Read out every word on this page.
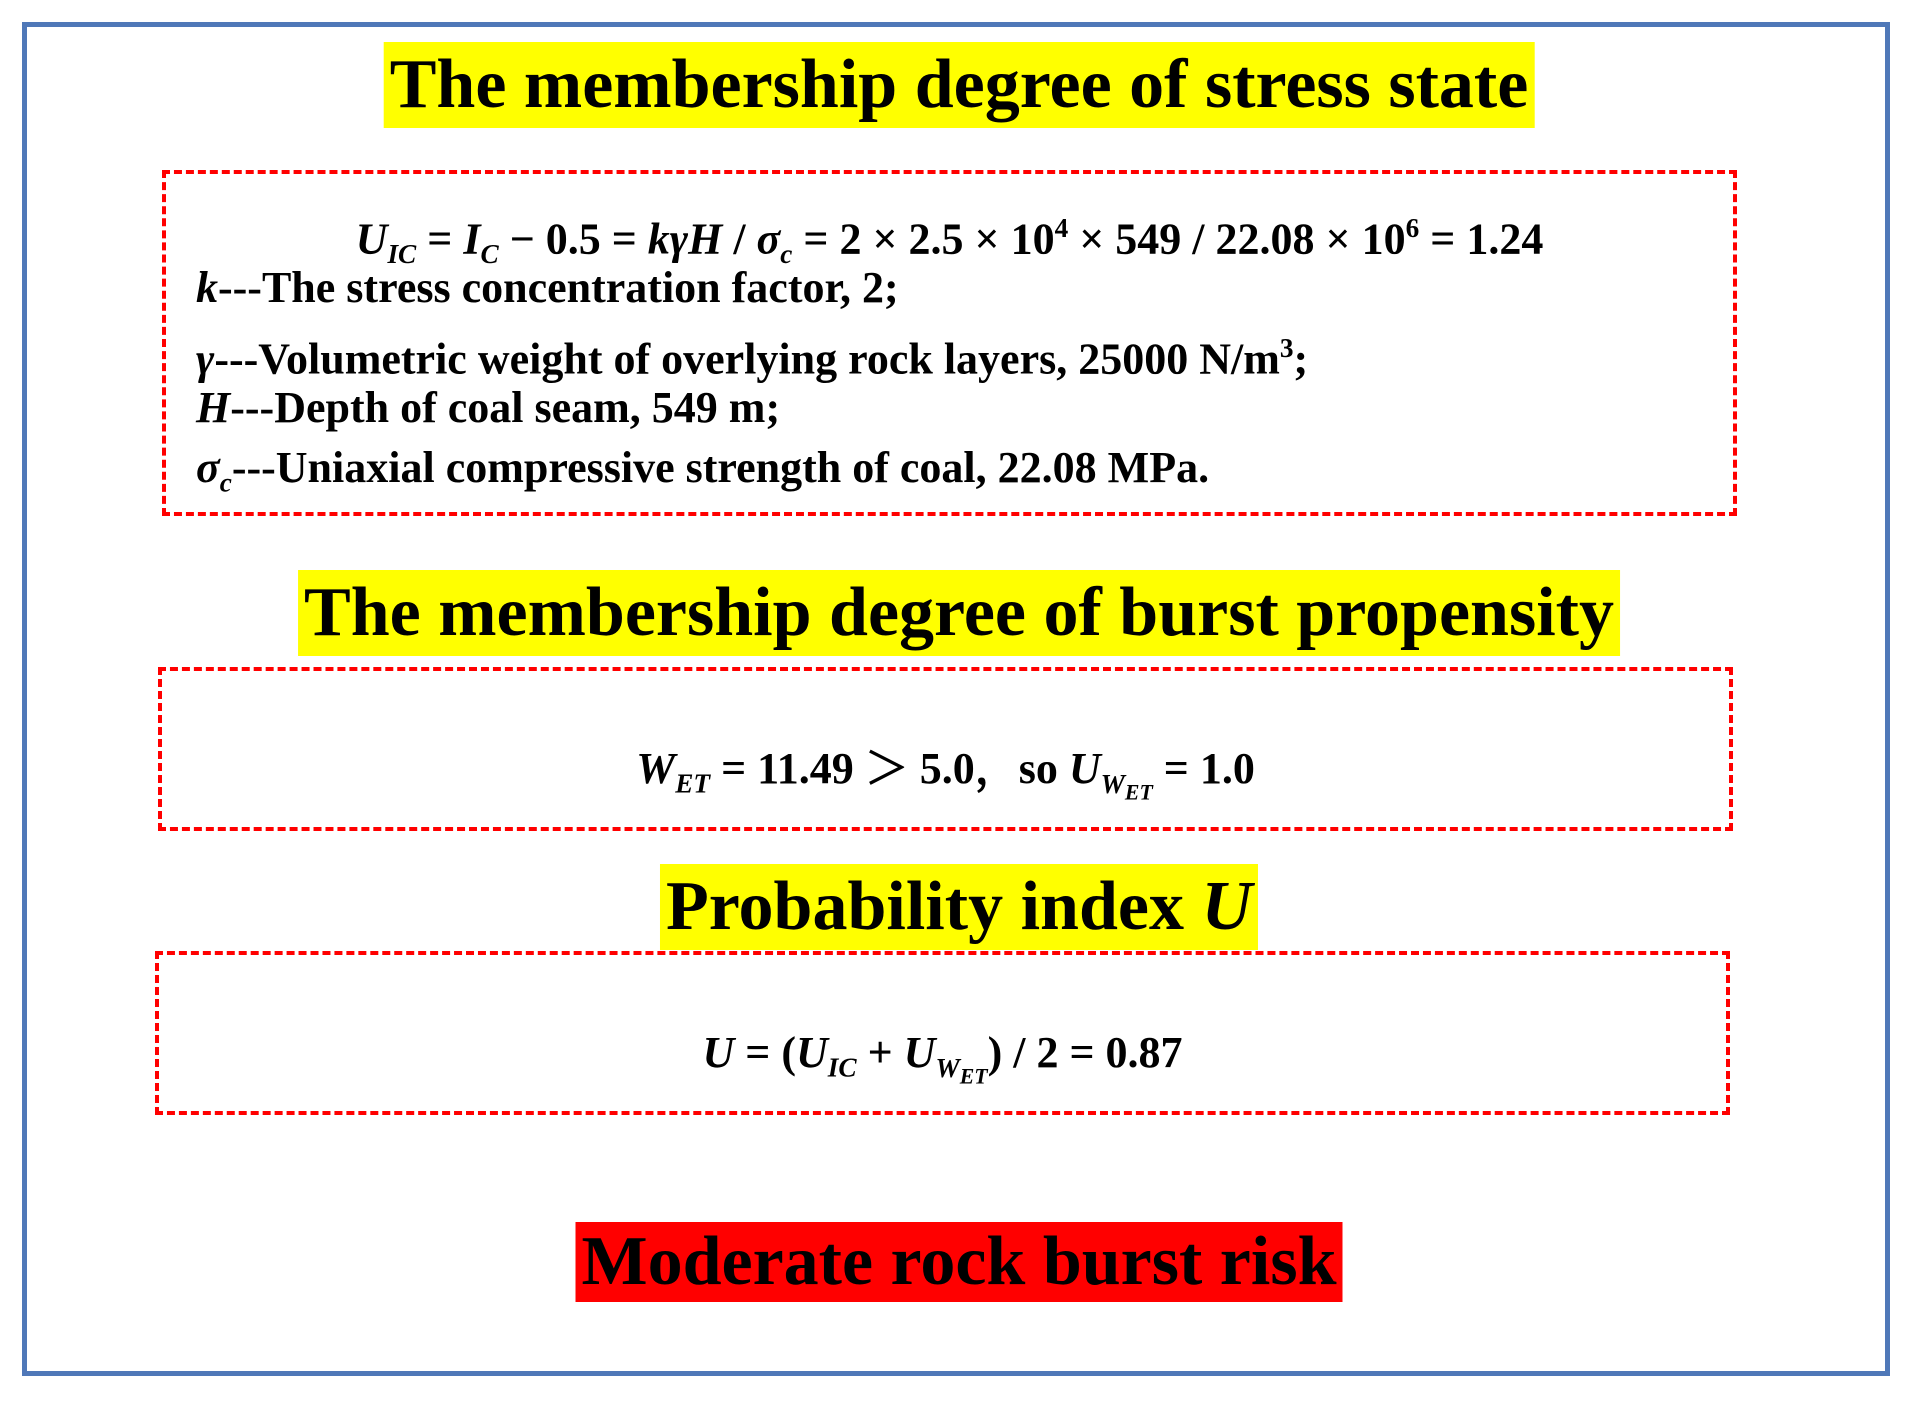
The membership degree of stress state
$U_{IC} = I_C - 0.5 = k\gamma H / \sigma_c = 2 \times 2.5 \times 10^4 \times 549 / 22.08 \times 10^6 = 1.24$
k---The stress concentration factor, 2;
γ---Volumetric weight of overlying rock layers, 25000 $N/m^3$;
H---Depth of coal seam, 549 m;
$\sigma_c--$-Uniaxial compressive strength of coal, 22.08 MPa.
The membership degree of burst propensity
$W_{ET} = 11.49 > 5.0$，so $U_{W_{ET}} = 1.0$
Probability index U
$U = (U_{IC} + U_{W_{ET}}) / 2 = 0.87$
Moderate rock burst risk
